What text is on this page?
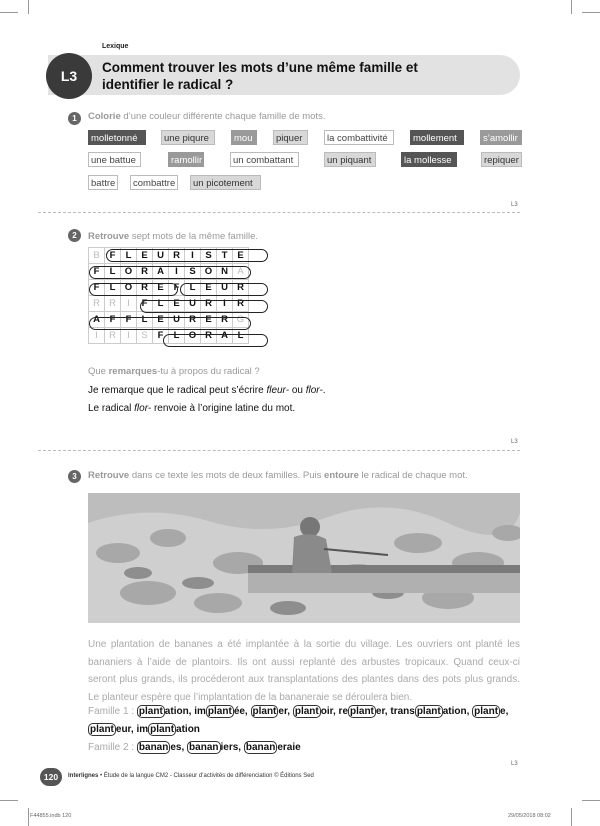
L3
Lexique
Comment trouver les mots d’une même famille et identifier le radical ?
1	Colorie d’une couleur différente chaque famille de mots.
molletonné	une piqure	mou	piquer	la combattivité	mollement	s’amollir
une battue	ramollir	un combattant	un piquant	la mollesse	repiquer
battre	combattre	un picotement
L3
2	Retrouve sept mots de la même famille.
B	F	L	E	U	R	I	S	T	E
F	L	O	R	A	I	S	O	N	A
F	L	O	R	E	F	L	E	U	R
R	R	I	F	L	E	U	R	I	R
A	F	F	L	E	U	R	E	R	G
I	R	I	S	F	L	O	R	A	L
Que remarques-tu à propos du radical ?
Je remarque que le radical peut s’écrire fleur- ou flor-.
Le radical flor- renvoie à l’origine latine du mot.
L3
3	Retrouve dans ce texte les mots de deux familles. Puis entoure le radical de chaque mot.
Une plantation de bananes a été implantée à la sortie du village. Les ouvriers ont planté les bananiers à l’aide de plantoirs. Ils ont aussi replanté des arbustes tropicaux. Quand ceux-ci seront plus grands, ils procéderont aux transplantations des plantes dans des pots plus grands. Le planteur espère que l’implantation de la bananeraie se déroulera bien.
Famille 1 : plant ation, im plant ée, plant er, plant oir, re plant er, trans plant ation, plant e,
plant eur, im plant ation
Famille 2 : banan es, banan iers, banan eraie
L3
120	Interlignes • Étude de la langue CM2 - Classeur d’activités de différenciation © Éditions Sed
F44855.indb 120	29/05/2018 08:02
